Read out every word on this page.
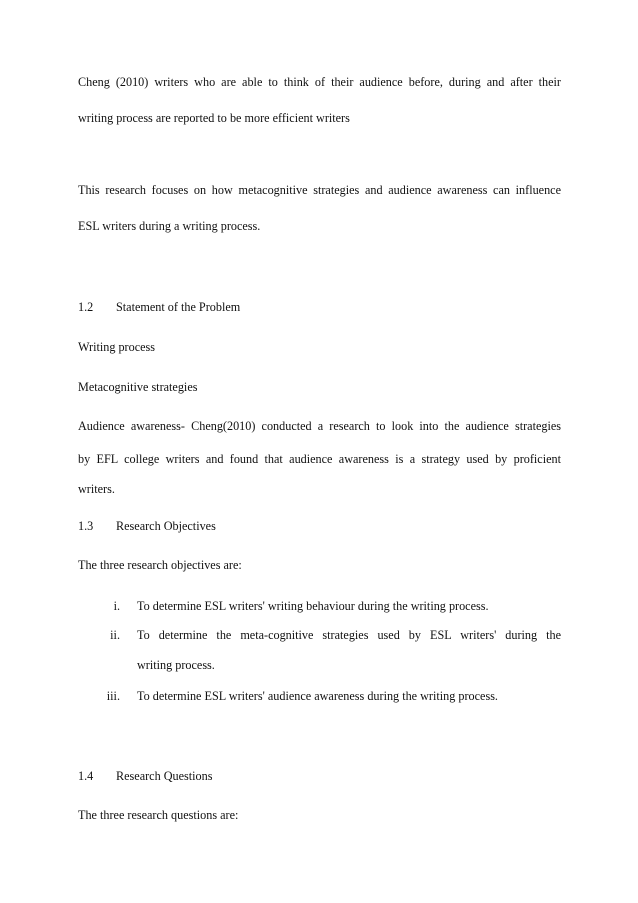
Cheng (2010) writers who are able to think of their audience before, during and after their
writing process are reported to be more efficient writers
This research focuses on how metacognitive strategies and audience awareness can influence
ESL writers during a writing process.
1.2 Statement of the Problem
Writing process
Metacognitive strategies
Audience awareness- Cheng(2010) conducted a research to look into the audience strategies
by EFL college writers and found that audience awareness is a strategy used by proficient
writers.
1.3 Research Objectives
The three research objectives are:
i. To determine ESL writers' writing behaviour during the writing process.
ii. To determine the meta-cognitive strategies used by ESL writers' during the
writing process.
iii. To determine ESL writers' audience awareness during the writing process.
1.4 Research Questions
The three research questions are:
